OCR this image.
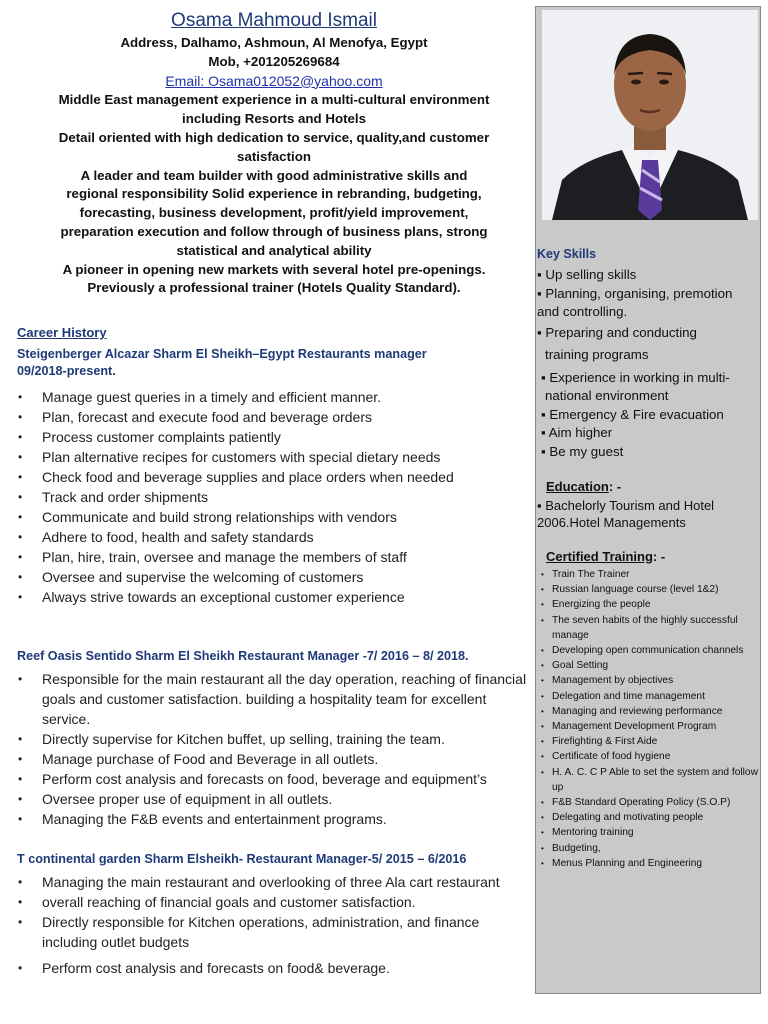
Osama Mahmoud Ismail
Address, Dalhamo, Ashmoun, Al Menofya, Egypt
Mob, +201205269684
Email: Osama012052@yahoo.com
Middle East management experience in a multi-cultural environment
including Resorts and Hotels
Detail oriented with high dedication to service, quality,and customer
satisfaction
A leader and team builder with good administrative skills and
regional responsibility Solid experience in rebranding, budgeting,
forecasting, business development, profit/yield improvement,
preparation execution and follow through of business plans, strong
statistical and analytical ability
A pioneer in opening new markets with several hotel pre-openings.
Previously a professional trainer (Hotels Quality Standard).
Career History
Steigenberger Alcazar Sharm El Sheikh–Egypt Restaurants manager
09/2018-present.
• Manage guest queries in a timely and efficient manner.
• Plan, forecast and execute food and beverage orders
• Process customer complaints patiently
• Plan alternative recipes for customers with special dietary needs
• Check food and beverage supplies and place orders when needed
• Track and order shipments
• Communicate and build strong relationships with vendors
• Adhere to food, health and safety standards
• Plan, hire, train, oversee and manage the members of staff
• Oversee and supervise the welcoming of customers
• Always strive towards an exceptional customer experience
Reef Oasis Sentido Sharm El Sheikh Restaurant Manager -7/ 2016 – 8/ 2018.
• Responsible for the main restaurant all the day operation, reaching of financial goals and customer satisfaction. building a hospitality team for excellent service.
• Directly supervise for Kitchen buffet, up selling, training the team.
• Manage purchase of Food and Beverage in all outlets.
• Perform cost analysis and forecasts on food, beverage and equipment’s
• Oversee proper use of equipment in all outlets.
• Managing the F&B events and entertainment programs.
T continental garden Sharm Elsheikh- Restaurant Manager-5/ 2015 – 6/2016
• Managing the main restaurant and overlooking of three Ala cart restaurant
• overall reaching of financial goals and customer satisfaction.
• Directly responsible for Kitchen operations, administration, and finance including outlet budgets
• Perform cost analysis and forecasts on food& beverage.
Key Skills
▪ Up selling skills
▪ Planning, organising, premotion
and controlling.
▪ Preparing and conducting
training programs
▪ Experience in working in multi-
national environment
▪ Emergency & Fire evacuation
▪ Aim higher
▪ Be my guest
Education: -
▪ Bachelorly Tourism and Hotel
2006.Hotel Managements
Certified Training: -
• Train The Trainer
• Russian language course (level 1&2)
• Energizing the people
• The seven habits of the highly successful manage
• Developing open communication channels
• Goal Setting
• Management by objectives
• Delegation and time management
• Managing and reviewing performance
• Management Development Program
• Firefighting & First Aide
• Certificate of food hygiene
• H. A. C. C P Able to set the system and follow up
• F&B Standard Operating Policy (S.O.P)
• Delegating and motivating people
• Mentoring training
• Budgeting,
• Menus Planning and Engineering
